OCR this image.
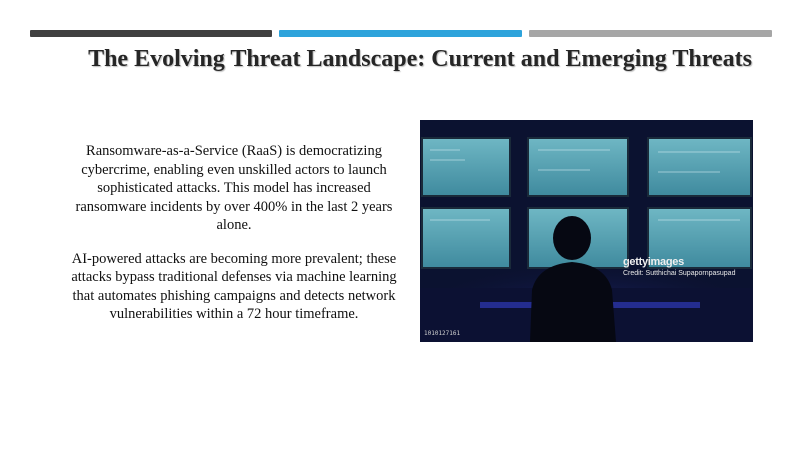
The Evolving Threat Landscape: Current and Emerging Threats

Ransomware-as-a-Service (RaaS) is democratizing cybercrime, enabling even unskilled actors to launch sophisticated attacks. This model has increased ransomware incidents by over 400% in the last 2 years alone.

AI-powered attacks are becoming more prevalent; these attacks bypass traditional defenses via machine learning that automates phishing campaigns and detects network vulnerabilities within a 72 hour timeframe.

gettyimages
Credit: Sutthichai Supapornpasupad
1010127161
